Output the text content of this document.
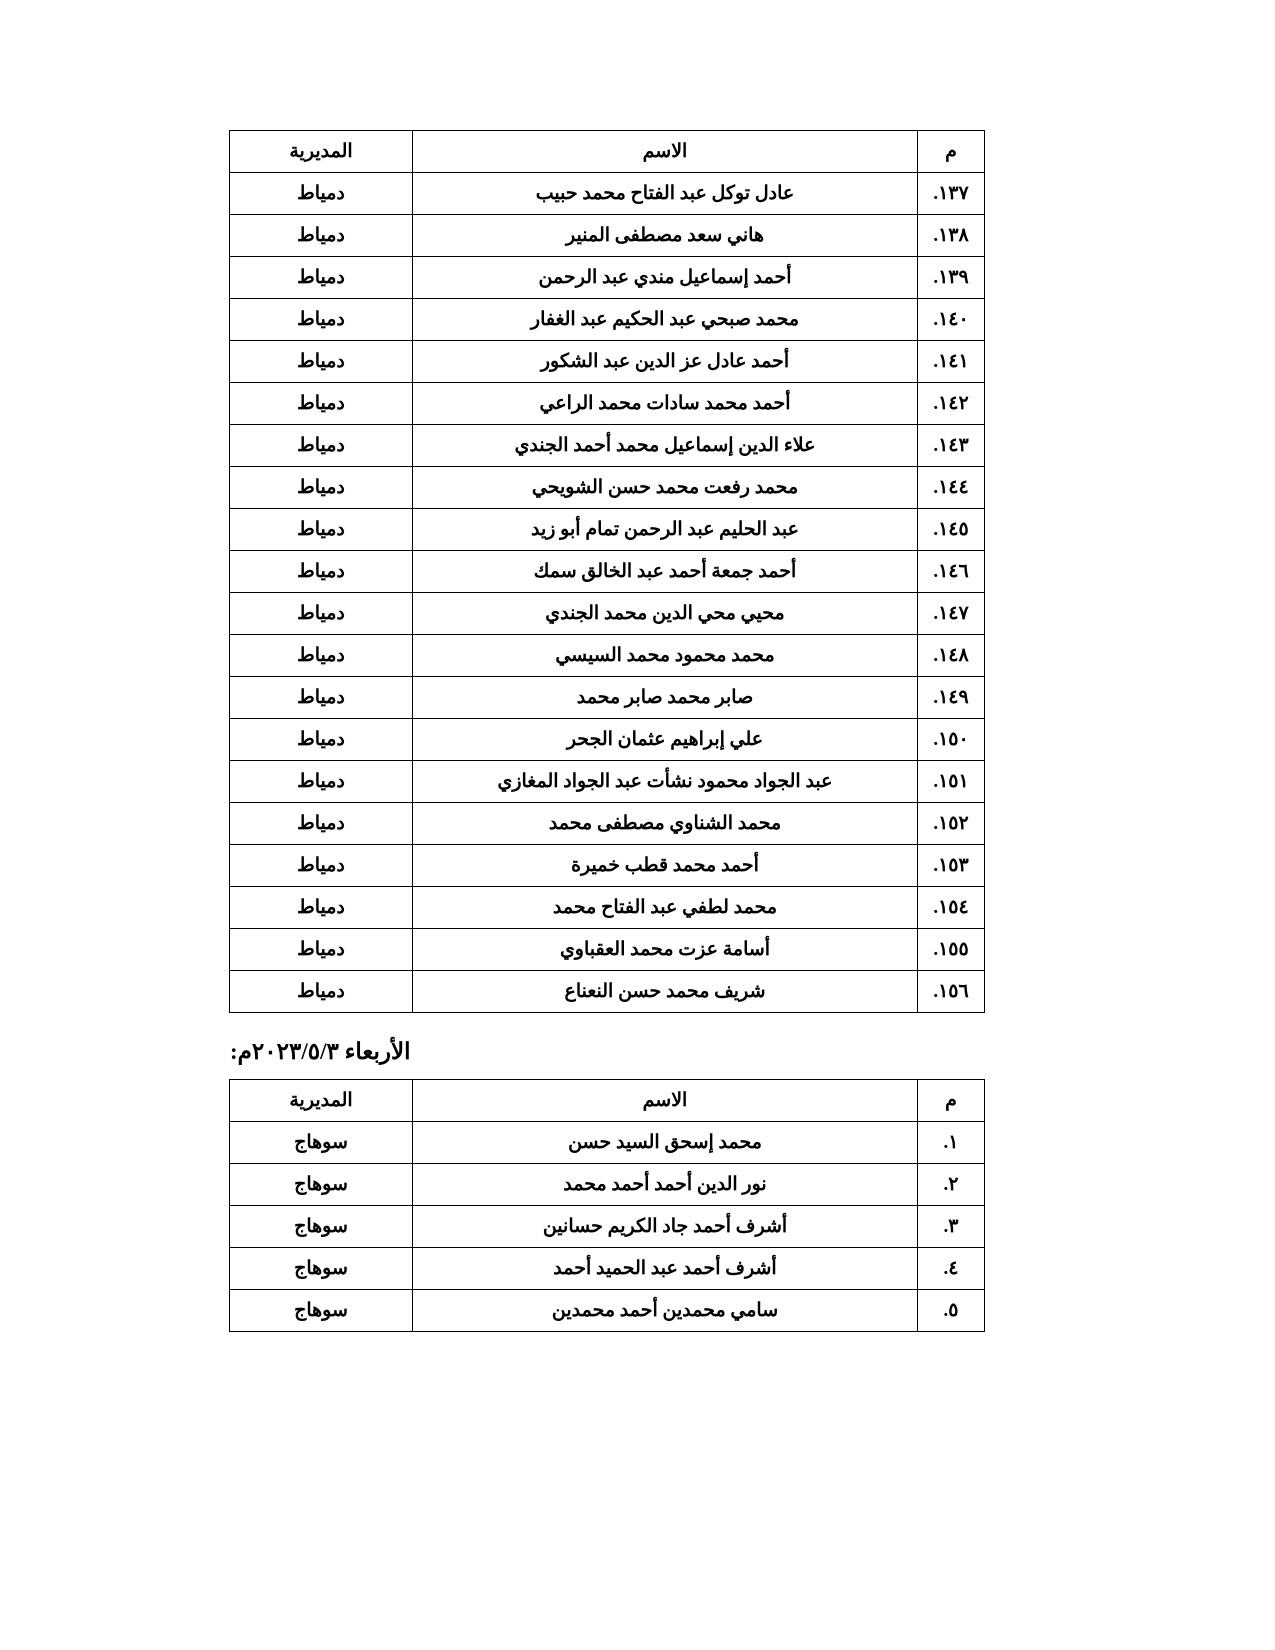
م	الاسم	المديرية
١٣٧.	عادل توكل عبد الفتاح محمد حبيب	دمياط
١٣٨.	هاني سعد مصطفى المنير	دمياط
١٣٩.	أحمد إسماعيل مندي عبد الرحمن	دمياط
١٤٠.	محمد صبحي عبد الحكيم عبد الغفار	دمياط
١٤١.	أحمد عادل عز الدين عبد الشكور	دمياط
١٤٢.	أحمد محمد سادات محمد الراعي	دمياط
١٤٣.	علاء الدين إسماعيل محمد أحمد الجندي	دمياط
١٤٤.	محمد رفعت محمد حسن الشويحي	دمياط
١٤٥.	عبد الحليم عبد الرحمن تمام أبو زيد	دمياط
١٤٦.	أحمد جمعة أحمد عبد الخالق سمك	دمياط
١٤٧.	محيي محي الدين محمد الجندي	دمياط
١٤٨.	محمد محمود محمد السيسي	دمياط
١٤٩.	صابر محمد صابر محمد	دمياط
١٥٠.	علي إبراهيم عثمان الجحر	دمياط
١٥١.	عبد الجواد محمود نشأت عبد الجواد المغازي	دمياط
١٥٢.	محمد الشناوي مصطفى محمد	دمياط
١٥٣.	أحمد محمد قطب خميرة	دمياط
١٥٤.	محمد لطفي عبد الفتاح محمد	دمياط
١٥٥.	أسامة عزت محمد العقباوي	دمياط
١٥٦.	شريف محمد حسن النعناع	دمياط
الأربعاء ٢٠٢٣/٥/٣م:
م	الاسم	المديرية
١.	محمد إسحق السيد حسن	سوهاج
٢.	نور الدين أحمد أحمد محمد	سوهاج
٣.	أشرف أحمد جاد الكريم حسانين	سوهاج
٤.	أشرف أحمد عبد الحميد أحمد	سوهاج
٥.	سامي محمدين أحمد محمدين	سوهاج
